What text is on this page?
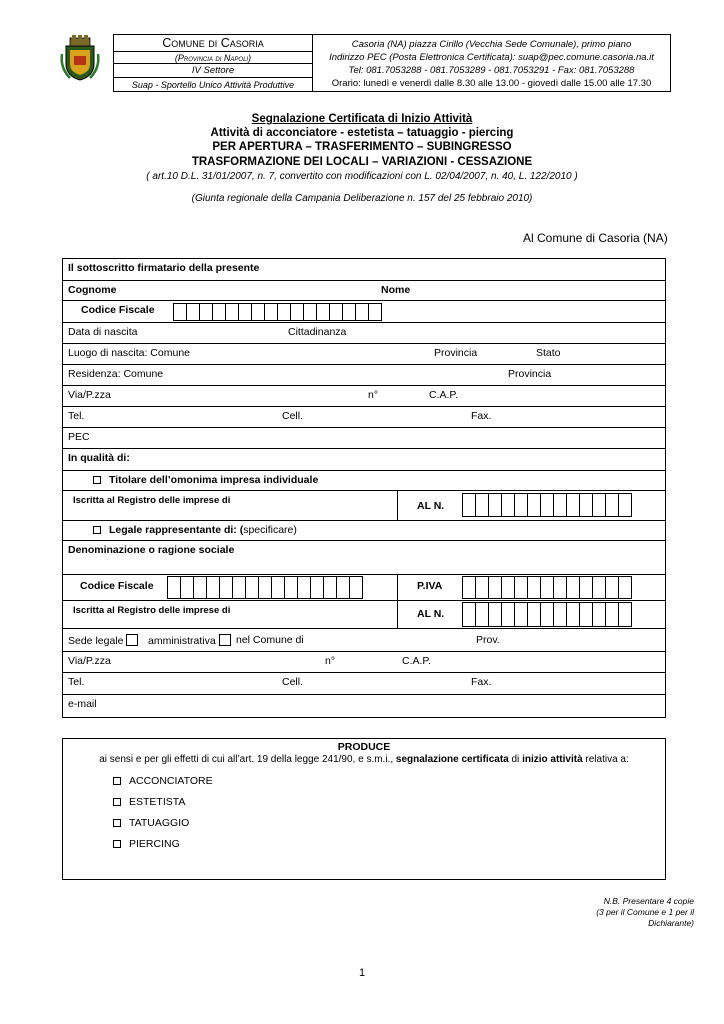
Comune di Casoria
(Provincia di Napoli)
IV Settore
Suap - Sportello Unico Attività Produttive
Casoria (NA) piazza Cirillo (Vecchia Sede Comunale), primo piano
Indirizzo PEC (Posta Elettronica Certificata): suap@pec.comune.casoria.na.it
Tel: 081.7053288 - 081.7053289 - 081.7053291 - Fax: 081.7053288
Orario: lunedì e venerdì dalle 8.30 alle 13.00 - giovedì dalle 15.00 alle 17.30
Segnalazione Certificata di Inizio Attività
Attività di acconciatore - estetista – tatuaggio - piercing
PER APERTURA – TRASFERIMENTO – SUBINGRESSO
TRASFORMAZIONE DEI LOCALI – VARIAZIONI - CESSAZIONE
( art.10 D.L. 31/01/2007, n. 7, convertito con modificazioni con L. 02/04/2007, n. 40, L. 122/2010 )
(Giunta regionale della Campania Deliberazione n. 157 del 25 febbraio 2010)
Al Comune di Casoria (NA)
Il sottoscritto firmatario della presente
Cognome	Nome
Codice Fiscale
Data di nascita	Cittadinanza
Luogo di nascita: Comune	Provincia	Stato
Residenza: Comune	Provincia
Via/P.zza	n°	C.A.P.
Tel.	Cell.	Fax.
PEC
In qualità di:
Titolare dell’omonima impresa individuale
Iscritta al Registro delle imprese di	AL N.
Legale rappresentante di: (specificare)
Denominazione o ragione sociale
Codice Fiscale	P.IVA
Iscritta al Registro delle imprese di	AL N.
Sede legale	amministrativa	nel Comune di	Prov.
Via/P.zza	n°	C.A.P.
Tel.	Cell.	Fax.
e-mail
PRODUCE
ai sensi e per gli effetti di cui all’art. 19 della legge 241/90, e s.m.i., segnalazione certificata di inizio attività relativa a:
ACCONCIATORE
ESTETISTA
TATUAGGIO
PIERCING
N.B. Presentare 4 copie
(3 per il Comune e 1 per il
Dichiarante)
1
